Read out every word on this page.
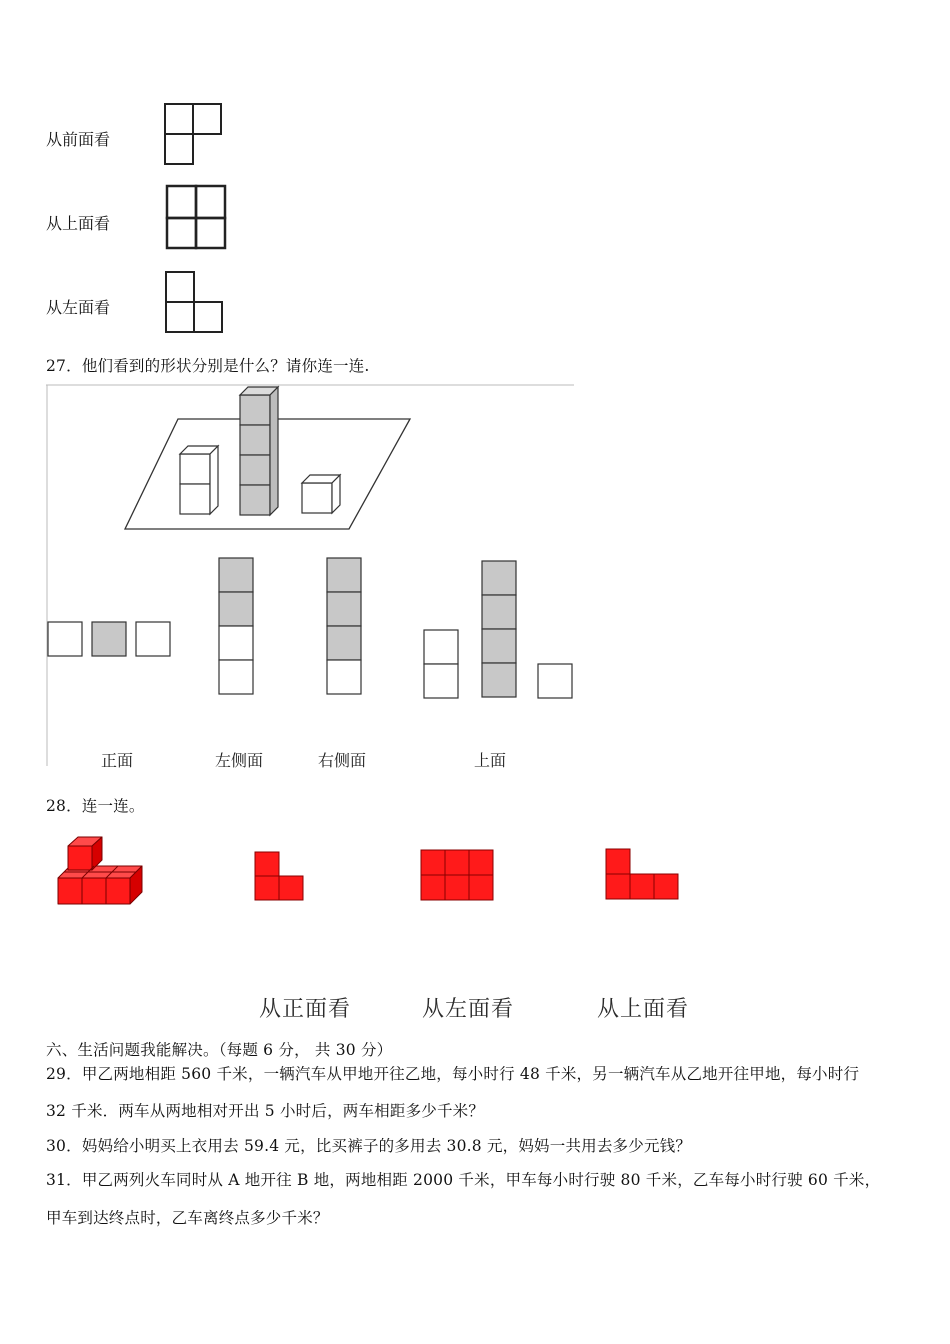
从前面看
从上面看
从左面看
27．他们看到的形状分别是什么？请你连一连.
正面	左侧面	右侧面	上面
28．连一连。
从正面看	从左面看	从上面看
六、生活问题我能解决。（每题 6 分， 共 30 分）
29．甲乙两地相距 560 千米，一辆汽车从甲地开往乙地，每小时行 48 千米，另一辆汽车从乙地开往甲地，每小时行
32 千米．两车从两地相对开出 5 小时后，两车相距多少千米？
30．妈妈给小明买上衣用去 59.4 元，比买裤子的多用去 30.8 元，妈妈一共用去多少元钱？
31．甲乙两列火车同时从 A 地开往 B 地，两地相距 2000 千米，甲车每小时行驶 80 千米，乙车每小时行驶 60 千米，
甲车到达终点时，乙车离终点多少千米？
